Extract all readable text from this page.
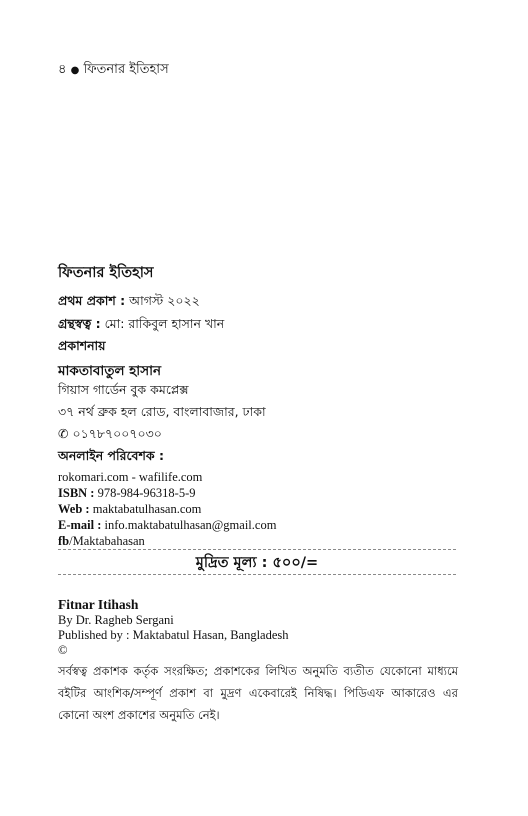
৪ ● ফিতনার ইতিহাস
ফিতনার ইতিহাস
প্রথম প্রকাশ : আগস্ট ২০২২
গ্রন্থস্বত্ব : মো: রাকিবুল হাসান খান
প্রকাশনায়
মাকতাবাতুল হাসান
গিয়াস গার্ডেন বুক কমপ্লেক্স
৩৭ নর্থ ব্রুক হল রোড, বাংলাবাজার, ঢাকা
✆ ০১৭৮৭০০৭০৩০
অনলাইন পরিবেশক :
rokomari.com - wafilife.com
ISBN : 978-984-96318-5-9
Web : maktabatulhasan.com
E-mail : info.maktabatulhasan@gmail.com
fb/Maktabahasan
মুদ্রিত মূল্য : ৫০০/=
Fitnar Itihash
By Dr. Ragheb Sergani
Published by : Maktabatul Hasan, Bangladesh
©
সর্বস্বত্ব প্রকাশক কর্তৃক সংরক্ষিত; প্রকাশকের লিখিত অনুমতি ব্যতীত যেকোনো মাধ্যমে বইটির আংশিক/সম্পূর্ণ প্রকাশ বা মুদ্রণ একেবারেই নিষিদ্ধ। পিডিএফ আকারেও এর কোনো অংশ প্রকাশের অনুমতি নেই।
